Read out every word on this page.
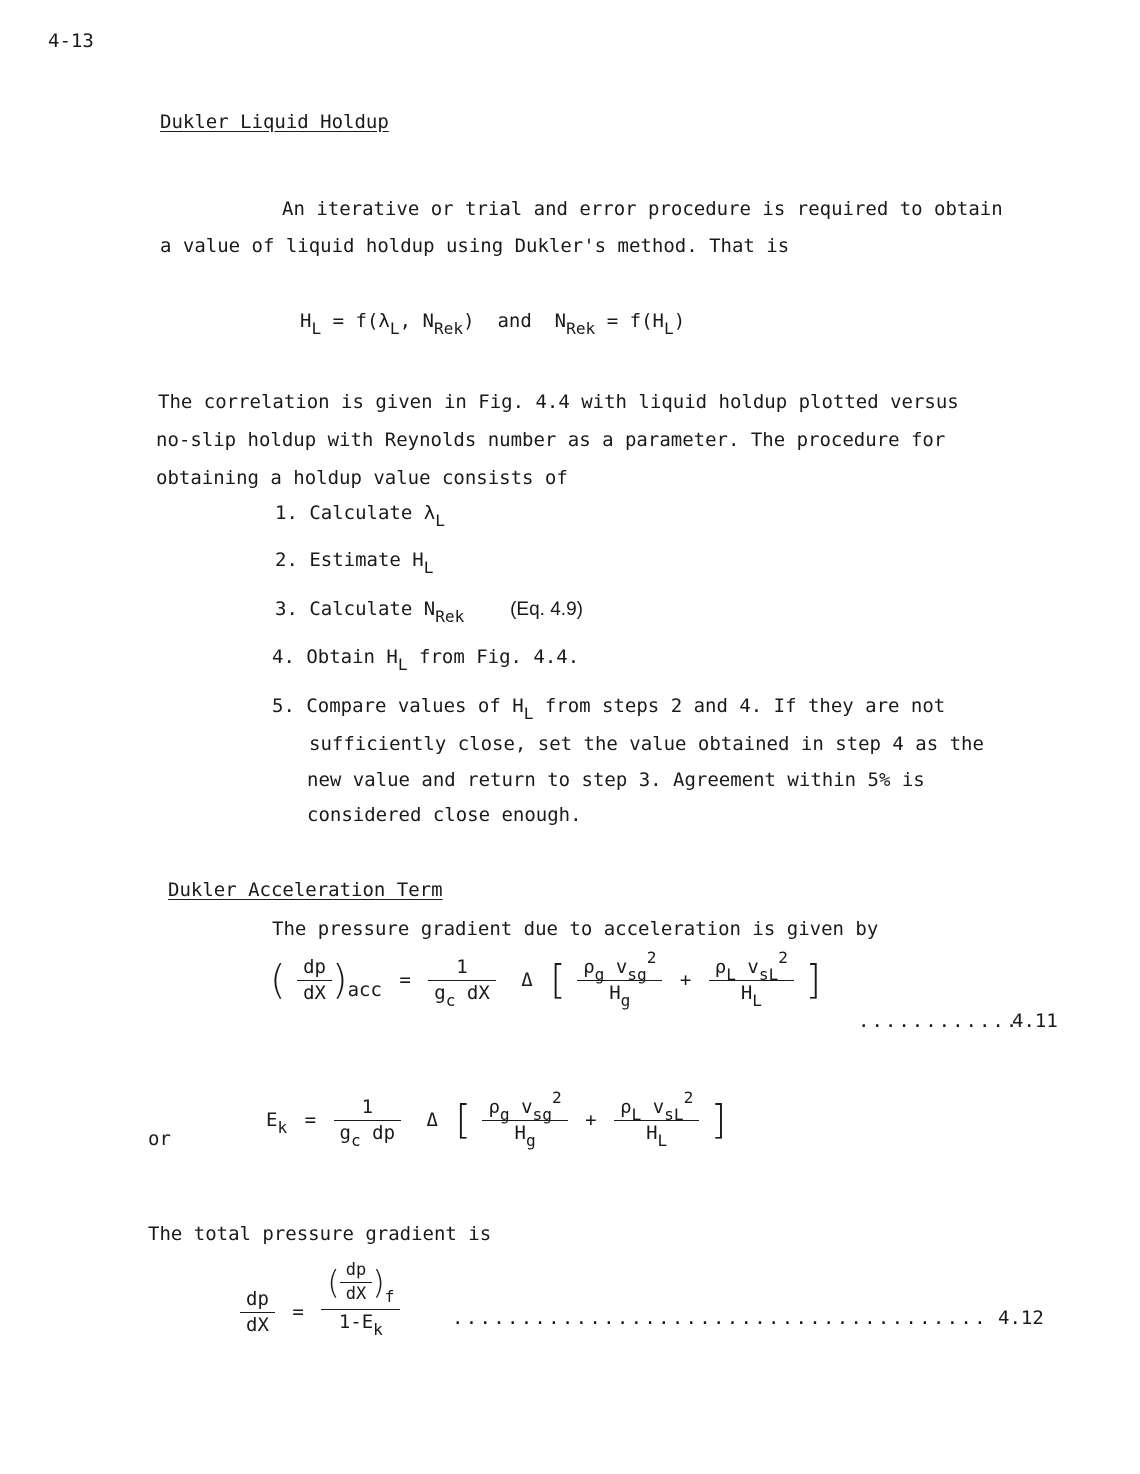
4-13
Dukler Liquid Holdup
An iterative or trial and error procedure is required to obtain
a value of liquid holdup using Dukler's method. That is
$H_L = f(\lambda_L$, $N_{Rek}$) and $N_{Rek} = f(H_L)$
The correlation is given in Fig. 4.4 with liquid holdup plotted versus
no-slip holdup with Reynolds number as a parameter. The procedure for
obtaining a holdup value consists of
1. Calculate $\lambda_L$
2. Estimate $H_L$
3. Calculate $N_{Rek}$ (Eq. 4.9)
4. Obtain $H_L$ from Fig. 4.4.
5. Compare values of $H_L$ from steps 2 and 4. If they are not
sufficiently close, set the value obtained in step 4 as the
new value and return to step 3. Agreement within 5% is
considered close enough.
Dukler Acceleration Term
The pressure gradient due to acceleration is given by
( $\frac{dp}{dX} )acc = \frac{1}{g_c dX}$ Δ [ $\frac{\rho_g v_{sg}^2}{H_g} + \frac{\rho_L v_{sL}^2}{H_L}$ ]
............
4.11
or
$E_k = \frac{1}{g_c dp}$ Δ [ $\frac{\rho_g v_{sg}^2}{H_g} + \frac{\rho_L v_{sL}^2}{H_L}$ ]
The total pressure gradient is
$\frac{dp}{dX} = \frac{( \frac{dp}{dX} )_f}{1-E_k}$	....................................... 4.12
